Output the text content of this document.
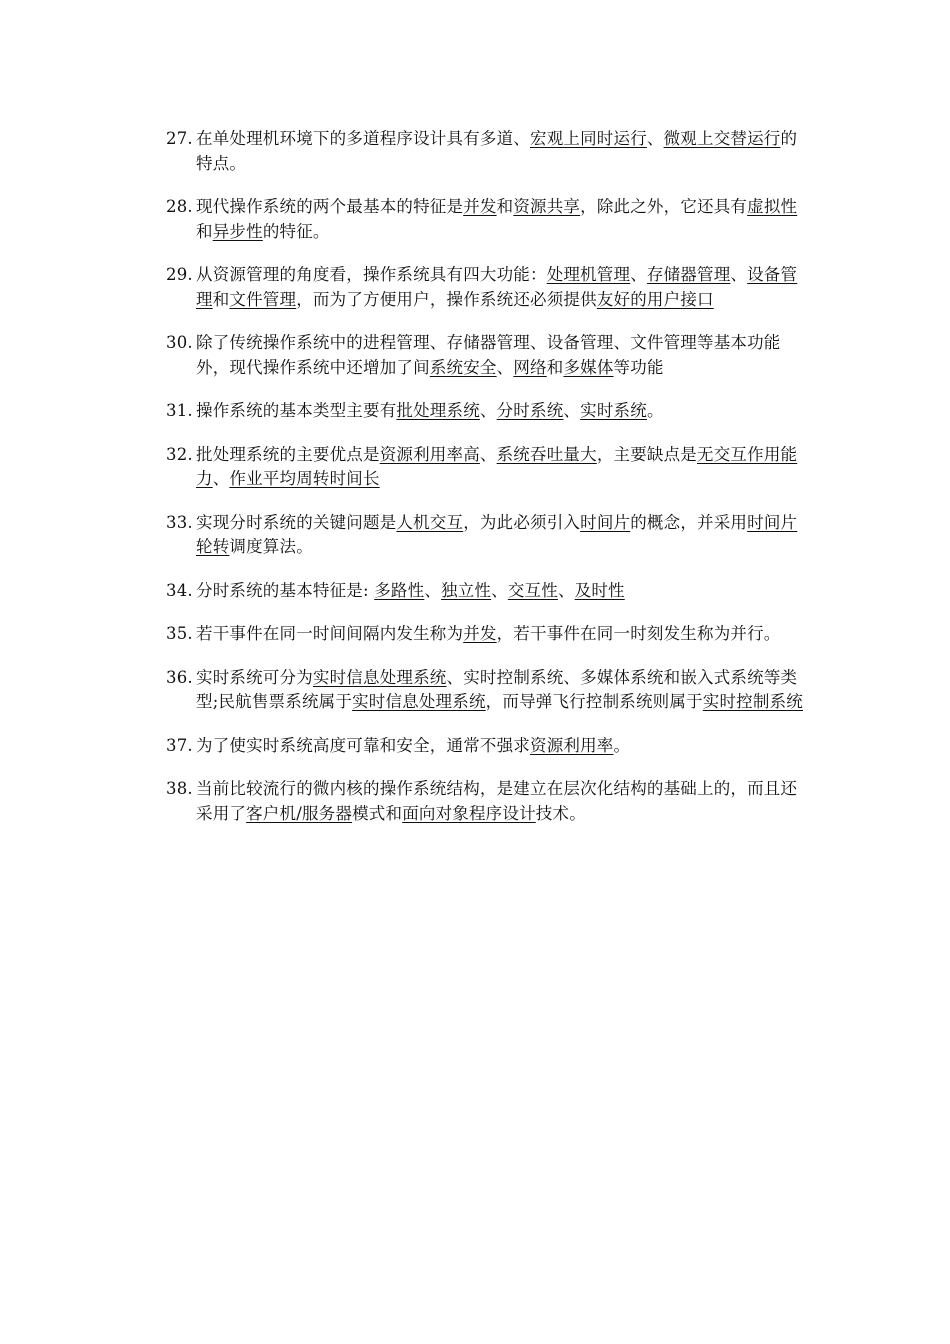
27. 在单处理机环境下的多道程序设计具有多道、宏观上同时运行、微观上交替运行的特点。
28. 现代操作系统的两个最基本的特征是并发和资源共享，除此之外，它还具有虚拟性和异步性的特征。
29. 从资源管理的角度看，操作系统具有四大功能：处理机管理、存储器管理、设备管理和文件管理，而为了方便用户，操作系统还必须提供友好的用户接口
30. 除了传统操作系统中的进程管理、存储器管理、设备管理、文件管理等基本功能外，现代操作系统中还增加了间系统安全、网络和多媒体等功能
31. 操作系统的基本类型主要有批处理系统、分时系统、实时系统。
32. 批处理系统的主要优点是资源利用率高、系统吞吐量大，主要缺点是无交互作用能力、作业平均周转时间长
33. 实现分时系统的关键问题是人机交互，为此必须引入时间片的概念，并采用时间片轮转调度算法。
34. 分时系统的基本特征是: 多路性、独立性、交互性、及时性
35. 若干事件在同一时间间隔内发生称为并发，若干事件在同一时刻发生称为并行。
36. 实时系统可分为实时信息处理系统、实时控制系统、多媒体系统和嵌入式系统等类型;民航售票系统属于实时信息处理系统，而导弹飞行控制系统则属于实时控制系统
37. 为了使实时系统高度可靠和安全，通常不强求资源利用率。
38. 当前比较流行的微内核的操作系统结构，是建立在层次化结构的基础上的，而且还采用了客户机/服务器模式和面向对象程序设计技术。
